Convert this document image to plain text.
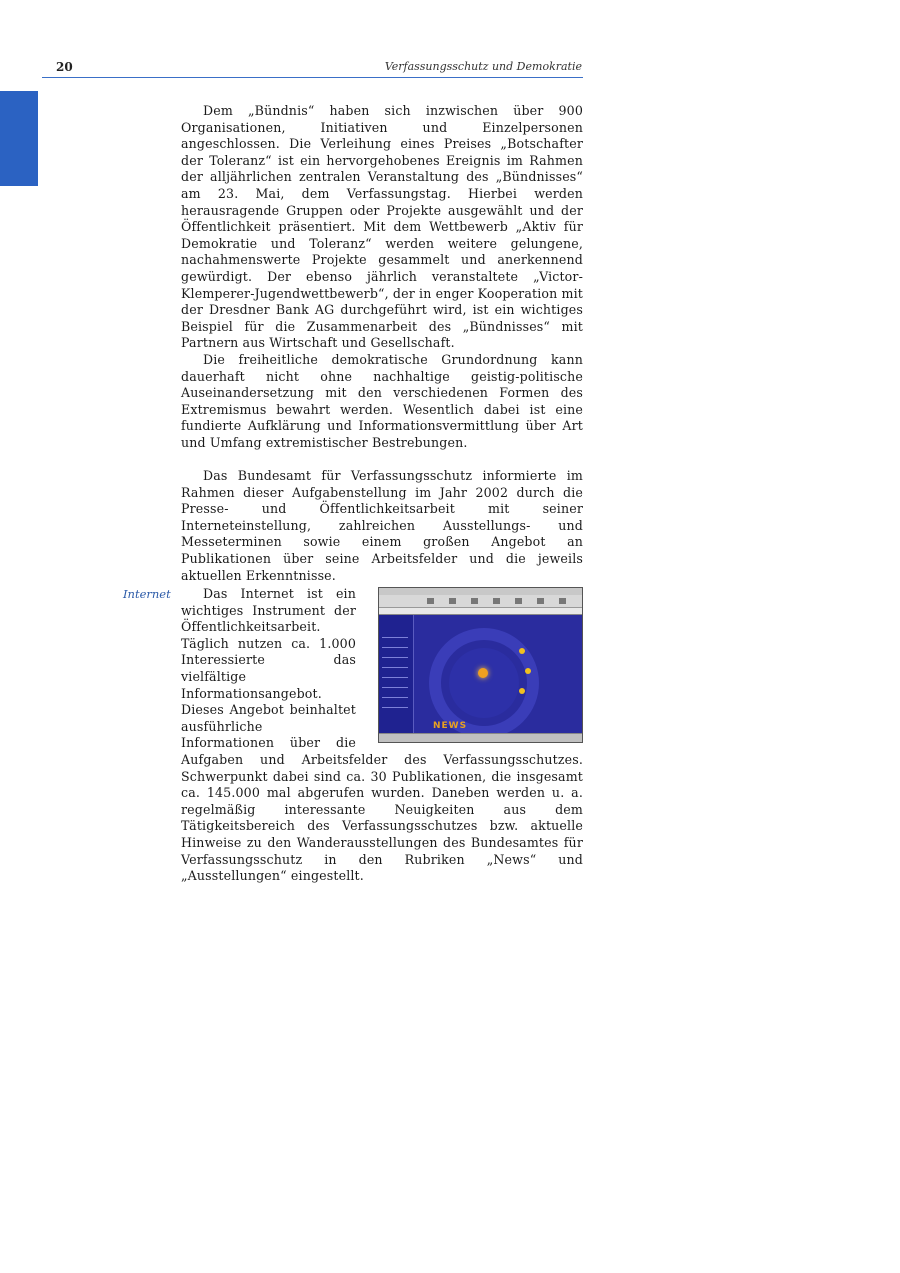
20	Verfassungsschutz und Demokratie

Dem „Bündnis“ haben sich inzwischen über 900 Organisationen, Initiativen und Einzelpersonen angeschlossen. Die Verleihung eines Preises „Botschafter der Toleranz“ ist ein hervorgehobenes Ereignis im Rahmen der alljährlichen zentralen Veranstaltung des „Bündnisses“ am 23. Mai, dem Verfassungstag. Hierbei werden herausragende Gruppen oder Projekte ausgewählt und der Öffentlichkeit präsentiert. Mit dem Wettbewerb „Aktiv für Demokratie und Toleranz“ werden weitere gelungene, nachahmenswerte Projekte gesammelt und anerkennend gewürdigt. Der ebenso jährlich veranstaltete „Victor-Klemperer-Jugendwettbewerb“, der in enger Kooperation mit der Dresdner Bank AG durchgeführt wird, ist ein wichtiges Beispiel für die Zusammenarbeit des „Bündnisses“ mit Partnern aus Wirtschaft und Gesellschaft.

Die freiheitliche demokratische Grundordnung kann dauerhaft nicht ohne nachhaltige geistig-politische Auseinandersetzung mit den verschiedenen Formen des Extremismus bewahrt werden. Wesentlich dabei ist eine fundierte Aufklärung und Informationsvermittlung über Art und Umfang extremistischer Bestrebungen.

Das Bundesamt für Verfassungsschutz informierte im Rahmen dieser Aufgabenstellung im Jahr 2002 durch die Presse- und Öffentlichkeitsarbeit mit seiner Interneteinstellung, zahlreichen Ausstellungs- und Messeterminen sowie einem großen Angebot an Publikationen über seine Arbeitsfelder und die jeweils aktuellen Erkenntnisse.

Internet
NEWS

Das Internet ist ein wichtiges Instrument der Öffentlichkeitsarbeit. Täglich nutzen ca. 1.000 Interessierte das vielfältige Informationsangebot. Dieses Angebot beinhaltet ausführliche Informationen über die Aufgaben und Arbeitsfelder des Verfassungsschutzes. Schwerpunkt dabei sind ca. 30 Publikationen, die insgesamt ca. 145.000 mal abgerufen wurden. Daneben werden u. a. regelmäßig interessante Neuigkeiten aus dem Tätigkeitsbereich des Verfassungsschutzes bzw. aktuelle Hinweise zu den Wanderausstellungen des Bundesamtes für Verfassungsschutz in den Rubriken „News“ und „Ausstellungen“ eingestellt.
